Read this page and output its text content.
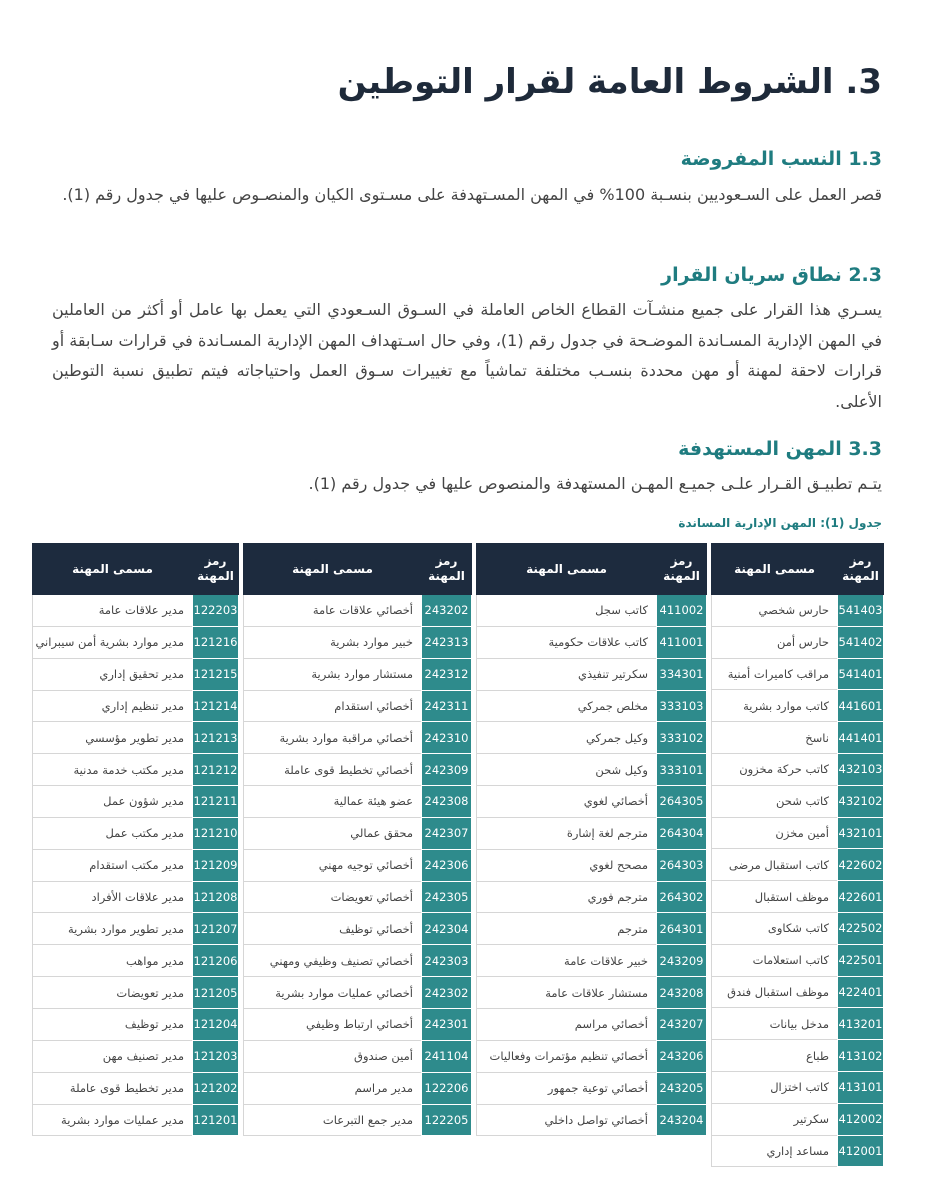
3. الشروط العامة لقرار التوطين
1.3 النسب المفروضة

قصر العمل على السـعوديين بنسـبة 100% في المهن المسـتهدفة على مسـتوى الكيان والمنصـوص عليها في جدول رقم (1).

2.3 نطاق سريان القرار

يسـري هذا القرار على جميع منشـآت القطاع الخاص العاملة في السـوق السـعودي التي يعمل بها عامل أو أكثر من العاملين في المهن الإدارية المسـاندة الموضـحة في جدول رقم (1)، وفي حال اسـتهداف المهن الإدارية المسـاندة في قرارات سـابقة أو قرارات لاحقة لمهنة أو مهن محددة بنسـب مختلفة تماشياً مع تغييرات سـوق العمل واحتياجاته فيتم تطبيق نسبة التوطين الأعلى.

3.3 المهن المستهدفة

يتـم تطبيـق القـرار علـى جميـع المهـن المستهدفة والمنصوص عليها في جدول رقم (1).

جدول (1): المهن الإدارية المساندة

رمز المهنة	مسمى المهنة
541403	حارس شخصي
541402	حارس أمن
541401	مراقب كاميرات أمنية
441601	كاتب موارد بشرية
441401	ناسخ
432103	كاتب حركة مخزون
432102	كاتب شحن
432101	أمين مخزن
422602	كاتب استقبال مرضى
422601	موظف استقبال
422502	كاتب شكاوى
422501	كاتب استعلامات
422401	موظف استقبال فندق
413201	مدخل بيانات
413102	طباع
413101	كاتب اختزال
412002	سكرتير
412001	مساعد إداري
رمز المهنة	مسمى المهنة
411002	كاتب سجل
411001	كاتب علاقات حكومية
334301	سكرتير تنفيذي
333103	مخلص جمركي
333102	وكيل جمركي
333101	وكيل شحن
264305	أخصائي لغوي
264304	مترجم لغة إشارة
264303	مصحح لغوي
264302	مترجم فوري
264301	مترجم
243209	خبير علاقات عامة
243208	مستشار علاقات عامة
243207	أخصائي مراسم
243206	أخصائي تنظيم مؤتمرات وفعاليات
243205	أخصائي توعية جمهور
243204	أخصائي تواصل داخلي

رمز المهنة	مسمى المهنة
243202	أخصائي علاقات عامة
242313	خبير موارد بشرية
242312	مستشار موارد بشرية
242311	أخصائي استقدام
242310	أخصائي مراقبة موارد بشرية
242309	أخصائي تخطيط قوى عاملة
242308	عضو هيئة عمالية
242307	محقق عمالي
242306	أخصائي توجيه مهني
242305	أخصائي تعويضات
242304	أخصائي توظيف
242303	أخصائي تصنيف وظيفي ومهني
242302	أخصائي عمليات موارد بشرية
242301	أخصائي ارتباط وظيفي
241104	أمين صندوق
122206	مدير مراسم
122205	مدير جمع التبرعات

رمز المهنة	مسمى المهنة
122203	مدير علاقات عامة
121216	مدير موارد بشرية أمن سيبراني
121215	مدير تحقيق إداري
121214	مدير تنظيم إداري
121213	مدير تطوير مؤسسي
121212	مدير مكتب خدمة مدنية
121211	مدير شؤون عمل
121210	مدير مكتب عمل
121209	مدير مكتب استقدام
121208	مدير علاقات الأفراد
121207	مدير تطوير موارد بشرية
121206	مدير مواهب
121205	مدير تعويضات
121204	مدير توظيف
121203	مدير تصنيف مهن
121202	مدير تخطيط قوى عاملة
121201	مدير عمليات موارد بشرية
